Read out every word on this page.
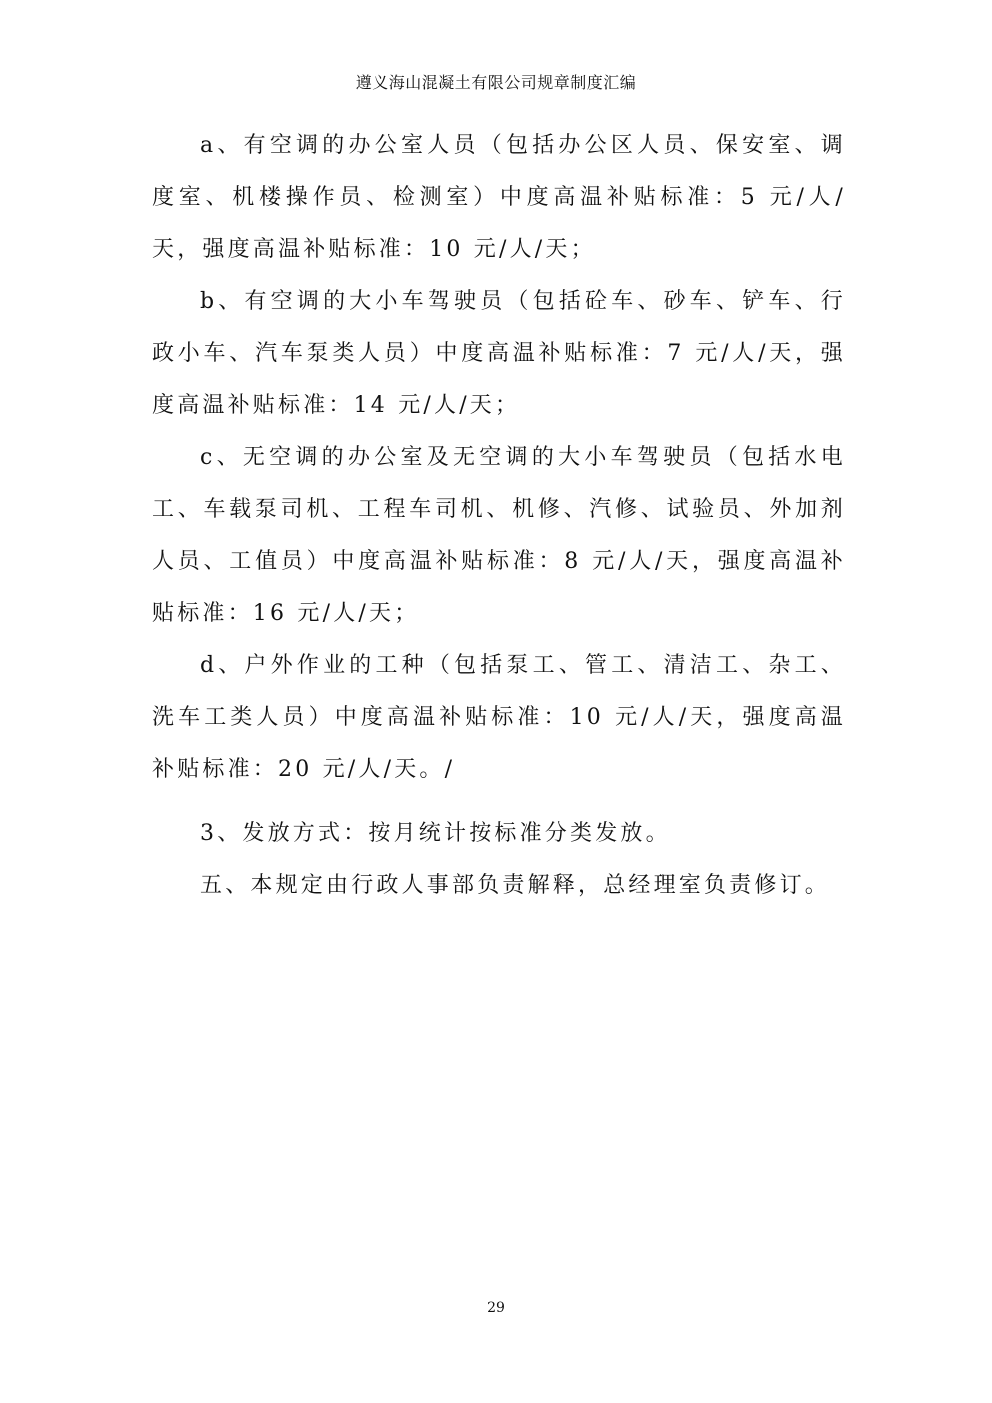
遵义海山混凝土有限公司规章制度汇编

a、有空调的办公室人员（包括办公区人员、保安室、调度室、机楼操作员、检测室）中度高温补贴标准：5 元/人/天，强度高温补贴标准：10 元/人/天；

b、有空调的大小车驾驶员（包括砼车、砂车、铲车、行政小车、汽车泵类人员）中度高温补贴标准：7 元/人/天，强度高温补贴标准：14 元/人/天；

c、无空调的办公室及无空调的大小车驾驶员（包括水电工、车载泵司机、工程车司机、机修、汽修、试验员、外加剂人员、工值员）中度高温补贴标准：8 元/人/天，强度高温补贴标准：16 元/人/天；

d、户外作业的工种（包括泵工、管工、清洁工、杂工、洗车工类人员）中度高温补贴标准：10 元/人/天，强度高温补贴标准：20 元/人/天。/

3、发放方式：按月统计按标准分类发放。

五、本规定由行政人事部负责解释，总经理室负责修订。

29
